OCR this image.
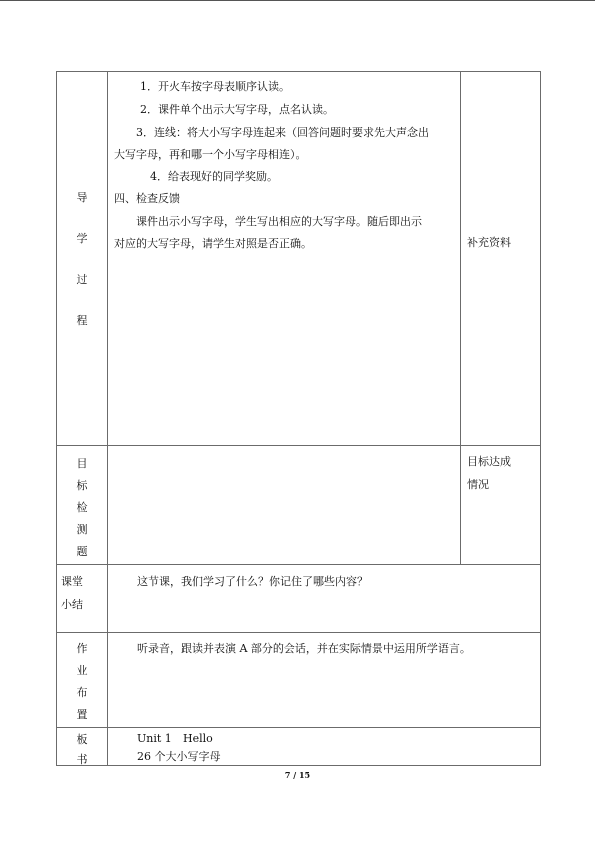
导
学
过
程
1．开火车按字母表顺序认读。
2．课件单个出示大写字母，点名认读。
3．连线：将大小写字母连起来（回答问题时要求先大声念出
大写字母，再和哪一个小写字母相连）。
4．给表现好的同学奖励。
四、检查反馈
课件出示小写字母，学生写出相应的大写字母。随后即出示
对应的大写字母，请学生对照是否正确。	补充资料
目
标
检
测
题
目标达成
情况
课堂
小结
这节课，我们学习了什么？你记住了哪些内容？
作
业
布
置
听录音，跟读并表演 A 部分的会话，并在实际情景中运用所学语言。
板
书
Unit 1 Hello
26 个大小写字母
7 / 15
